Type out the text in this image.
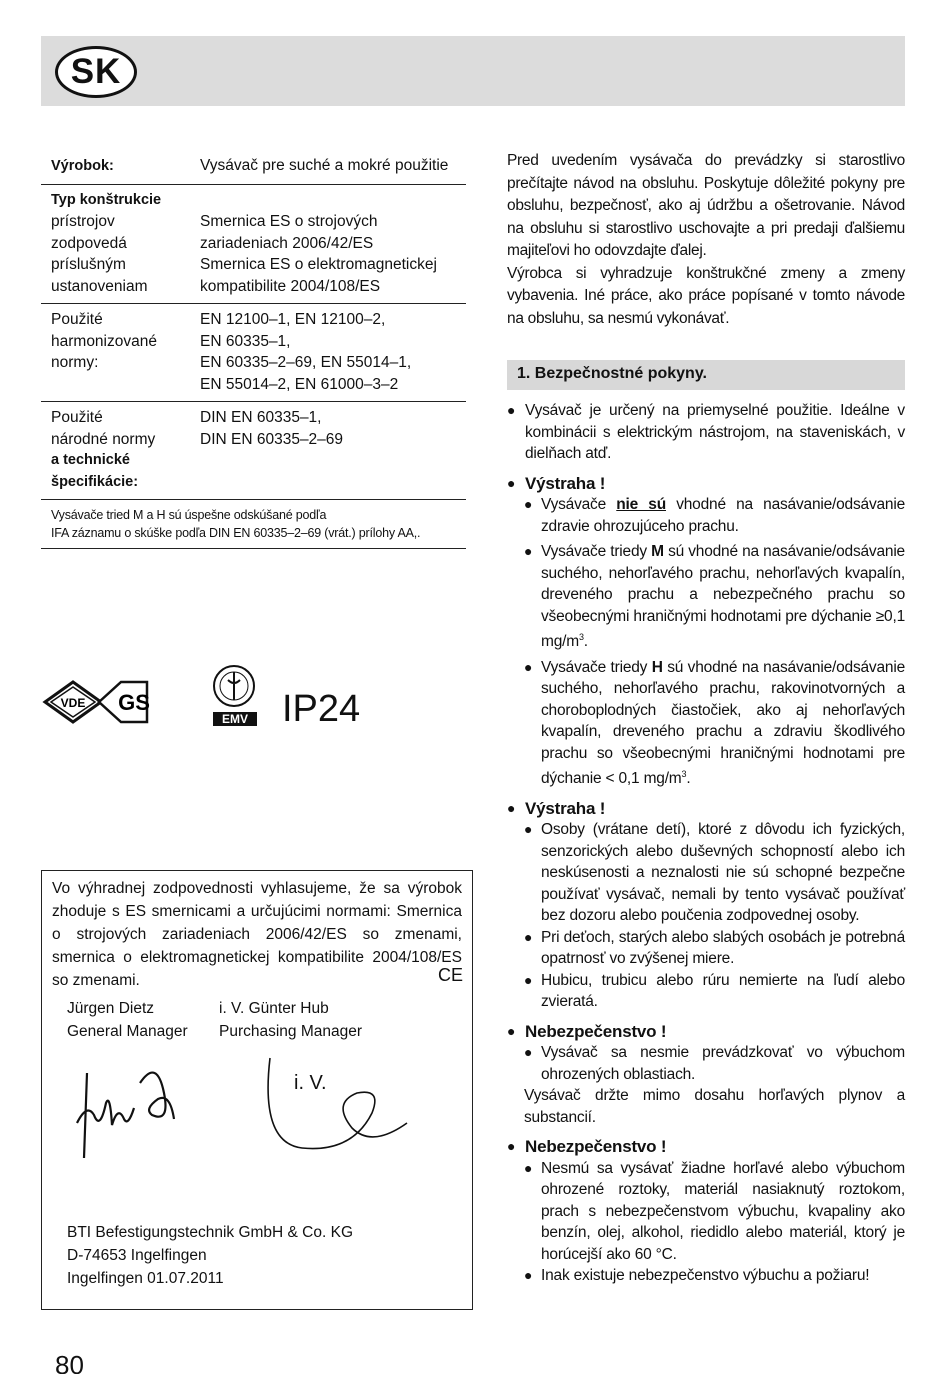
SK
Výrobok:	Vysávač pre suché a mokré použitie
Typ konštrukcie
prístrojov
zodpovedá
príslušným
ustanoveniam
Smernica ES o strojových
zariadeniach 2006/42/ES
Smernica ES o elektromagnetickej
kompatibilite 2004/108/ES
Použité
harmonizované
normy:
EN 12100–1, EN 12100–2,
EN 60335–1,
EN 60335–2–69, EN 55014–1,
EN 55014–2, EN 61000–3–2
Použité
národné normy
a technické
špecifikácie:
DIN EN 60335–1,
DIN EN 60335–2–69
Vysávače tried M a H sú úspešne odskúšané podľa
IFA záznamu o skúške podľa DIN EN 60335–2–69 (vrát.) prílohy AA,.
VDE GS
EMV IP24
Vo výhradnej zodpovednosti vyhlasujeme, že sa výrobok zhoduje s ES smernicami a určujúcimi normami: Smernica o strojových zariadeniach 2006/42/ES so zmenami, smernica o elektromagnetickej kompatibilite 2004/108/ES so zmenami.	CE
Jürgen Dietz
General Manager
i. V. Günter Hub
Purchasing Manager
i. V.
BTI Befestigungstechnik GmbH & Co. KG
D-74653 Ingelfingen
Ingelfingen 01.07.2011
80
Pred uvedením vysávača do prevádzky si starostlivo prečítajte návod na obsluhu. Poskytuje dôležité pokyny pre obsluhu, bezpečnosť, ako aj údržbu a ošetrovanie. Návod na obsluhu si starostlivo uschovajte a pri predaji ďalšiemu majiteľovi ho odovzdajte ďalej.
Výrobca si vyhradzuje konštrukčné zmeny a zmeny vybavenia. Iné práce, ako práce popísané v tomto návode na obsluhu, sa nesmú vykonávať.
1. Bezpečnostné pokyny.
● Vysávač je určený na priemyselné použitie. Ideálne v kombinácii s elektrickým nástrojom, na staveniskách, v dielňach atď.
● Výstraha !
● Vysávače nie sú vhodné na nasávanie/odsávanie zdravie ohrozujúceho prachu.
● Vysávače triedy M sú vhodné na nasávanie/odsávanie suchého, nehorľavého prachu, nehorľavých kvapalín, dreveného prachu a nebezpečného prachu so všeobecnými hraničnými hodnotami pre dýchanie ≥0,1 $mg/m^3$.
● Vysávače triedy H sú vhodné na nasávanie/odsávanie suchého, nehorľavého prachu, rakovinotvorných a choroboplodných čiastočiek, ako aj nehorľavých kvapalín, dreveného prachu a zdraviu škodlivého prachu so všeobecnými hraničnými hodnotami pre dýchanie < 0,1 $mg/m^3$.
● Výstraha !
● Osoby (vrátane detí), ktoré z dôvodu ich fyzických, senzorických alebo duševných schopností alebo ich neskúsenosti a neznalosti nie sú schopné bezpečne používať vysávač, nemali by tento vysávač používať bez dozoru alebo poučenia zodpovednej osoby.
● Pri deťoch, starých alebo slabých osobách je potrebná opatrnosť vo zvýšenej miere.
● Hubicu, trubicu alebo rúru nemierte na ľudí alebo zvieratá.
● Nebezpečenstvo !
● Vysávač sa nesmie prevádzkovať vo výbuchom ohrozených oblastiach.
Vysávač držte mimo dosahu horľavých plynov a substancií.
● Nebezpečenstvo !
● Nesmú sa vysávať žiadne horľavé alebo výbuchom ohrozené roztoky, materiál nasiaknutý roztokom, prach s nebezpečenstvom výbuchu, kvapaliny ako benzín, olej, alkohol, riedidlo alebo materiál, ktorý je horúcejší ako 60 °C.
● Inak existuje nebezpečenstvo výbuchu a požiaru!
